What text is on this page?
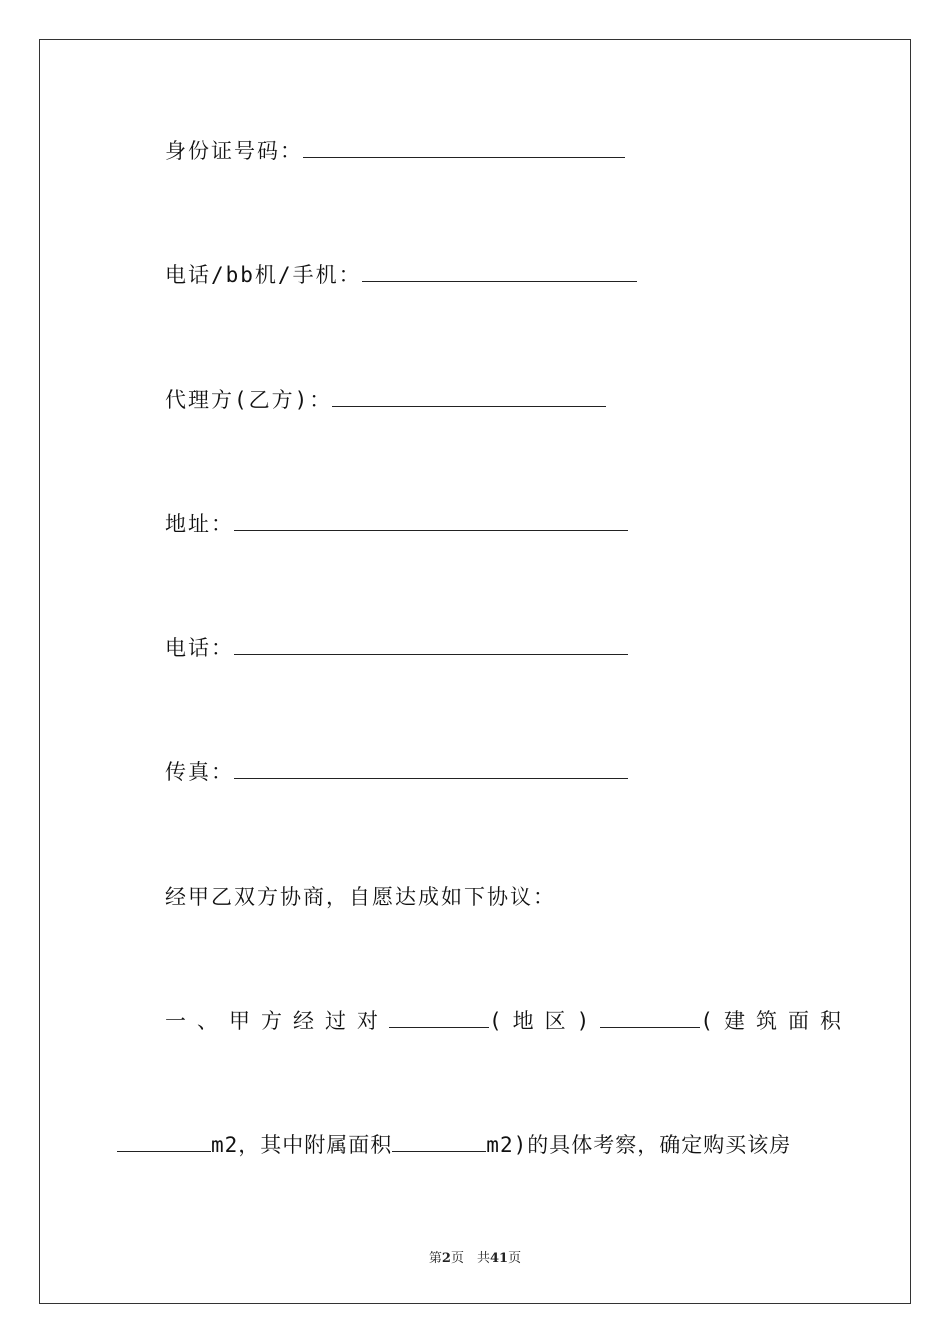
身份证号码：
电话/bb机/手机：
代理方(乙方)：
地址：
电话：
传真：
经甲乙双方协商，自愿达成如下协议：
一、甲方经过对	(地区)	(建筑面积
m2，其中附属面积	m2)的具体考察，确定购买该房
第2页　共41页
